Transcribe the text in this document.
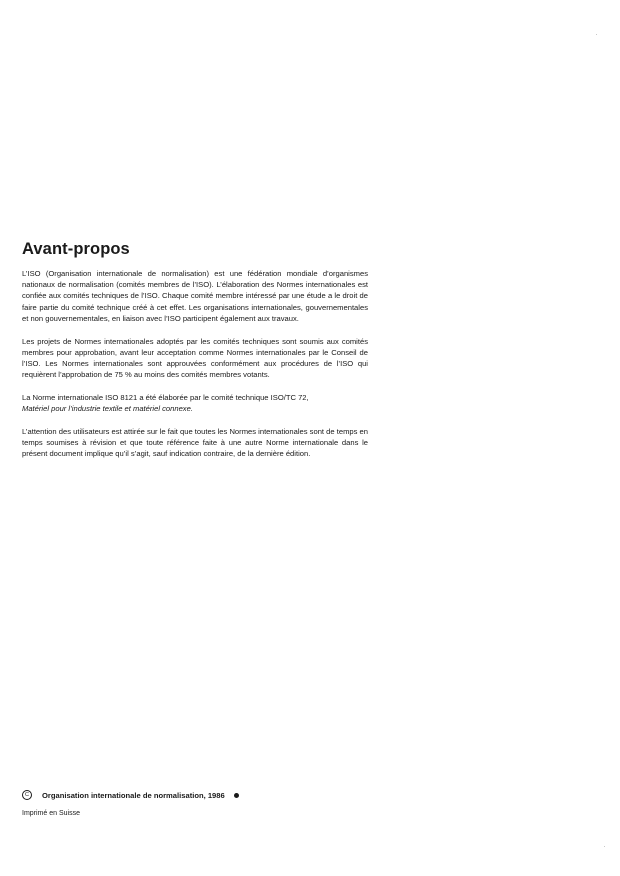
Avant-propos

L’ISO (Organisation internationale de normalisation) est une fédération mondiale d’organismes nationaux de normalisation (comités membres de l’ISO). L’élaboration des Normes internationales est confiée aux comités techniques de l’ISO. Chaque comité membre intéressé par une étude a le droit de faire partie du comité technique créé à cet effet. Les organisations internationales, gouvernementales et non gouvernementales, en liaison avec l’ISO participent également aux travaux.

Les projets de Normes internationales adoptés par les comités techniques sont soumis aux comités membres pour approbation, avant leur acceptation comme Normes internationales par le Conseil de l’ISO. Les Normes internationales sont approuvées conformément aux procédures de l’ISO qui requièrent l’approbation de 75 % au moins des comités membres votants.

La Norme internationale ISO 8121 a été élaborée par le comité technique ISO/TC 72,
Matériel pour l’industrie textile et matériel connexe.

L’attention des utilisateurs est attirée sur le fait que toutes les Normes internationales sont de temps en temps soumises à révision et que toute référence faite à une autre Norme internationale dans le présent document implique qu’il s’agit, sauf indication contraire, de la dernière édition.

C	Organisation internationale de normalisation, 1986
Imprimé en Suisse
